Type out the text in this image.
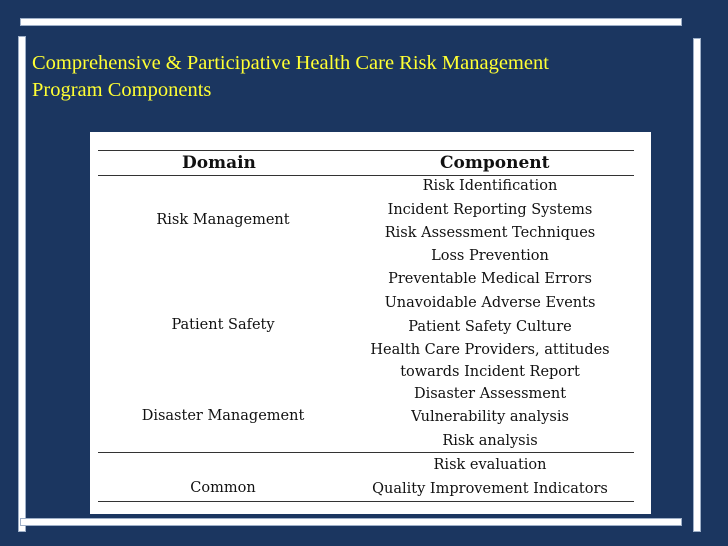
Comprehensive & Participative Health Care Risk Management
Program Components
Domain	Component
Risk Management
Patient Safety
Disaster Management
Common
Risk Identification
Incident Reporting Systems
Risk Assessment Techniques
Loss Prevention
Preventable Medical Errors
Unavoidable Adverse Events
Patient Safety Culture
Health Care Providers, attitudes
towards Incident Report
Disaster Assessment
Vulnerability analysis
Risk analysis
Risk evaluation
Quality Improvement Indicators
